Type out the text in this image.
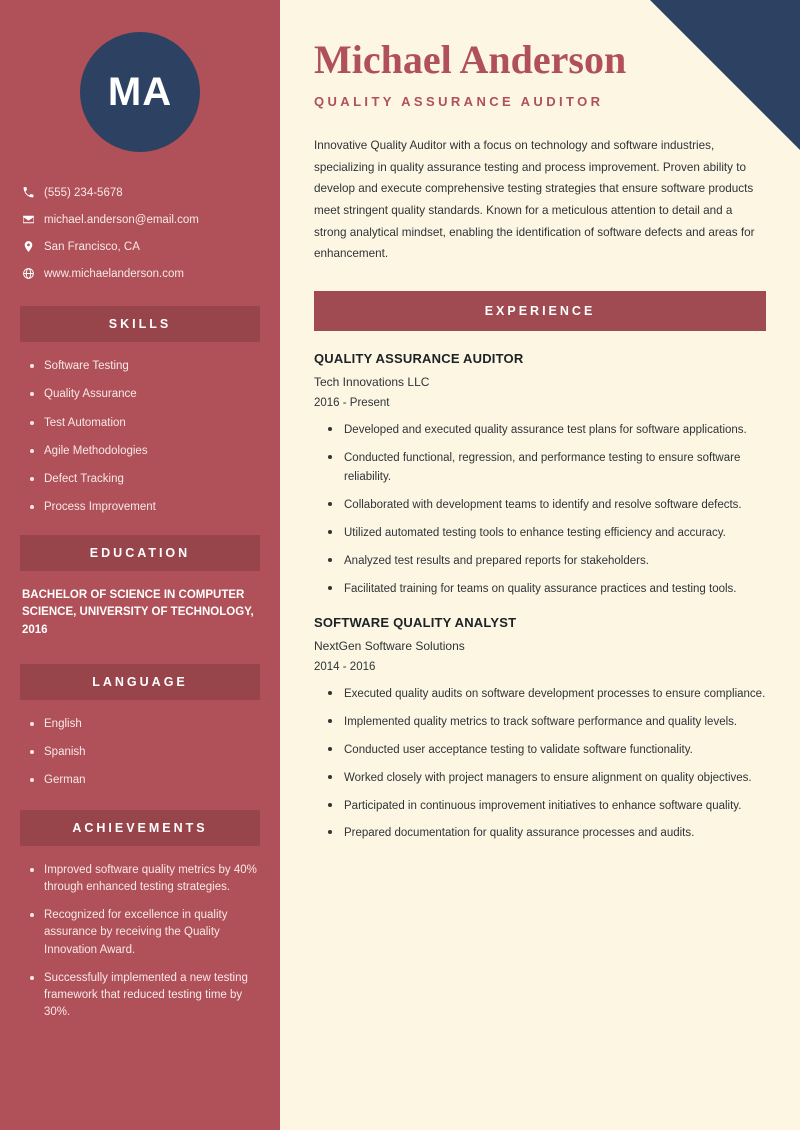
MA
(555) 234-5678
michael.anderson@email.com
San Francisco, CA
www.michaelanderson.com
SKILLS
Software Testing
Quality Assurance
Test Automation
Agile Methodologies
Defect Tracking
Process Improvement
EDUCATION
BACHELOR OF SCIENCE IN COMPUTER SCIENCE, UNIVERSITY OF TECHNOLOGY, 2016
LANGUAGE
English
Spanish
German
ACHIEVEMENTS
Improved software quality metrics by 40% through enhanced testing strategies.
Recognized for excellence in quality assurance by receiving the Quality Innovation Award.
Successfully implemented a new testing framework that reduced testing time by 30%.
Michael Anderson
QUALITY ASSURANCE AUDITOR
Innovative Quality Auditor with a focus on technology and software industries, specializing in quality assurance testing and process improvement. Proven ability to develop and execute comprehensive testing strategies that ensure software products meet stringent quality standards. Known for a meticulous attention to detail and a strong analytical mindset, enabling the identification of software defects and areas for enhancement.
EXPERIENCE
QUALITY ASSURANCE AUDITOR
Tech Innovations LLC
2016 - Present
Developed and executed quality assurance test plans for software applications.
Conducted functional, regression, and performance testing to ensure software reliability.
Collaborated with development teams to identify and resolve software defects.
Utilized automated testing tools to enhance testing efficiency and accuracy.
Analyzed test results and prepared reports for stakeholders.
Facilitated training for teams on quality assurance practices and testing tools.
SOFTWARE QUALITY ANALYST
NextGen Software Solutions
2014 - 2016
Executed quality audits on software development processes to ensure compliance.
Implemented quality metrics to track software performance and quality levels.
Conducted user acceptance testing to validate software functionality.
Worked closely with project managers to ensure alignment on quality objectives.
Participated in continuous improvement initiatives to enhance software quality.
Prepared documentation for quality assurance processes and audits.
